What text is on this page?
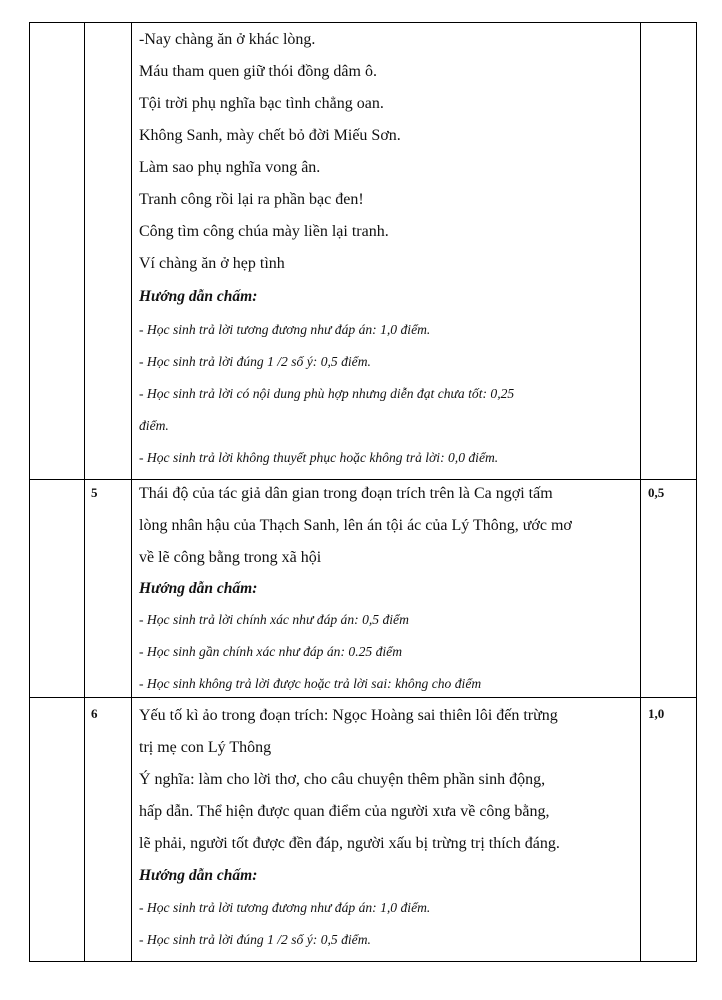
-Nay chàng ăn ở khác lòng.
Máu tham quen giữ thói đồng dâm ô.
Tội trời phụ nghĩa bạc tình chẳng oan.
Không Sanh, mày chết bỏ đời Miếu Sơn.
Làm sao phụ nghĩa vong ân.
Tranh công rồi lại ra phần bạc đen!
Công tìm công chúa mày liền lại tranh.
Ví chàng ăn ở hẹp tình
Hướng dẫn chấm:
- Học sinh trả lời tương đương như đáp án: 1,0 điểm.
- Học sinh trả lời đúng 1 /2 số ý: 0,5 điểm.
- Học sinh trả lời có nội dung phù hợp nhưng diễn đạt chưa tốt: 0,25
điểm.
- Học sinh trả lời không thuyết phục hoặc không trả lời: 0,0 điểm.
5	0,5
Thái độ của tác giả dân gian trong đoạn trích trên là Ca ngợi tấm
lòng nhân hậu của Thạch Sanh, lên án tội ác của Lý Thông, ước mơ
về lẽ công bằng trong xã hội
Hướng dẫn chấm:
- Học sinh trả lời chính xác như đáp án: 0,5 điểm
- Học sinh gần chính xác như đáp án: 0.25 điểm
- Học sinh không trả lời được hoặc trả lời sai: không cho điểm
6	1,0
Yếu tố kì ảo trong đoạn trích: Ngọc Hoàng sai thiên lôi đến trừng
trị mẹ con Lý Thông
Ý nghĩa: làm cho lời thơ, cho câu chuyện thêm phần sinh động,
hấp dẫn. Thể hiện được quan điểm của người xưa về công bằng,
lẽ phải, người tốt được đền đáp, người xấu bị trừng trị thích đáng.
Hướng dẫn chấm:
- Học sinh trả lời tương đương như đáp án: 1,0 điểm.
- Học sinh trả lời đúng 1 /2 số ý: 0,5 điểm.
